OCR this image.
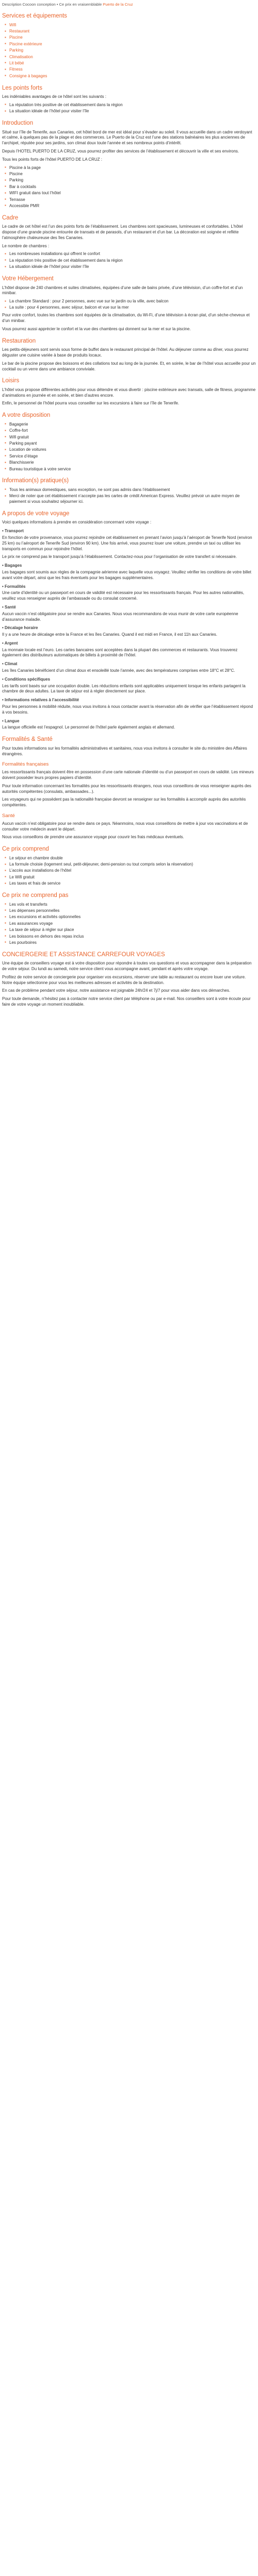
Description Cocoon conception • Ce prix en vraisemblable Puerto de la Cruz
Services et équipements
▪ Wifi
▪ Restaurant
▪ Piscine
▪ Piscine extérieure
▪ Parking
▪ Climatisation
▪ Lit bébé
▪ Fitness
▪ Consigne à bagages
Les points forts

Les indéniables avantages de ce hôtel sont les suivants :

▪ La réputation très positive de cet établissement dans la région
▪ La situation idéale de l’hôtel pour visiter l’île
Introduction

Situé sur l’île de Tenerife, aux Canaries, cet hôtel bord de mer est idéal pour s’évader au soleil. Il vous accueille dans un cadre verdoyant et calme, à quelques pas de la plage et des commerces. Le Puerto de la Cruz est l’une des stations balnéaires les plus anciennes de l’archipel, réputée pour ses jardins, son climat doux toute l’année et ses nombreux points d’intérêt.

Depuis l’HOTEL PUERTO DE LA CRUZ, vous pourrez profiter des services de l’établissement et découvrir la ville et ses environs.

Tous les points forts de l’hôtel PUERTO DE LA CRUZ :

▪ Piscine à la page
▪ Piscine
▪ Parking
▪ Bar à cocktails
▪ WIFI gratuit dans tout l’hôtel
▪ Terrasse
▪ Accessible PMR
Cadre

Le cadre de cet hôtel est l’un des points forts de l’établissement. Les chambres sont spacieuses, lumineuses et confortables. L’hôtel dispose d’une grande piscine entourée de transats et de parasols, d’un restaurant et d’un bar. La décoration est soignée et reflète l’atmosphère chaleureuse des îles Canaries.

Le nombre de chambres :

▪ Les nombreuses installations qui offrent le confort
▪ La réputation très positive de cet établissement dans la région
▪ La situation idéale de l’hôtel pour visiter l’île
Votre Hébergement

L’hôtel dispose de 240 chambres et suites climatisées, équipées d’une salle de bains privée, d’une télévision, d’un coffre-fort et d’un minibar.

▪ La chambre Standard : pour 2 personnes, avec vue sur le jardin ou la ville, avec balcon
▪ La suite : pour 4 personnes, avec séjour, balcon et vue sur la mer

Pour votre confort, toutes les chambres sont équipées de la climatisation, du Wi-Fi, d’une télévision à écran plat, d’un sèche-cheveux et d’un minibar.

Vous pourrez aussi apprécier le confort et la vue des chambres qui donnent sur la mer et sur la piscine.

Restauration

Les petits-déjeuners sont servis sous forme de buffet dans le restaurant principal de l’hôtel. Au déjeuner comme au dîner, vous pourrez déguster une cuisine variée à base de produits locaux.

Le bar de la piscine propose des boissons et des collations tout au long de la journée. Et, en soirée, le bar de l’hôtel vous accueille pour un cocktail ou un verre dans une ambiance conviviale.

Loisirs

L’hôtel vous propose différentes activités pour vous détendre et vous divertir : piscine extérieure avec transats, salle de fitness, programme d’animations en journée et en soirée, et bien d’autres encore.

Enfin, le personnel de l’hôtel pourra vous conseiller sur les excursions à faire sur l’île de Tenerife.

A votre disposition
▪ Bagagerie
▪ Coffre-fort
▪ Wifi gratuit
▪ Parking payant
▪ Location de voitures
▪ Service d’étage
▪ Blanchisserie
▪ Bureau touristique à votre service
Information(s) pratique(s)
▪ Tous les animaux domestiques, sans exception, ne sont pas admis dans l’établissement
▪ Merci de noter que cet établissement n’accepte pas les cartes de crédit American Express. Veuillez prévoir un autre moyen de paiement si vous souhaitez séjourner ici.
A propos de votre voyage

Voici quelques informations à prendre en considération concernant votre voyage :

• Transport

En fonction de votre provenance, vous pourrez rejoindre cet établissement en prenant l’avion jusqu’à l’aéroport de Tenerife Nord (environ 25 km) ou l’aéroport de Tenerife Sud (environ 90 km). Une fois arrivé, vous pourrez louer une voiture, prendre un taxi ou utiliser les transports en commun pour rejoindre l’hôtel.

Le prix ne comprend pas le transport jusqu’à l’établissement. Contactez-nous pour l’organisation de votre transfert si nécessaire.

• Bagages

Les bagages sont soumis aux règles de la compagnie aérienne avec laquelle vous voyagez. Veuillez vérifier les conditions de votre billet avant votre départ, ainsi que les frais éventuels pour les bagages supplémentaires.

• Formalités

Une carte d’identité ou un passeport en cours de validité est nécessaire pour les ressortissants français. Pour les autres nationalités, veuillez vous renseigner auprès de l’ambassade ou du consulat concerné.

• Santé

Aucun vaccin n’est obligatoire pour se rendre aux Canaries. Nous vous recommandons de vous munir de votre carte européenne d’assurance maladie.

• Décalage horaire

Il y a une heure de décalage entre la France et les îles Canaries. Quand il est midi en France, il est 11h aux Canaries.

• Argent

La monnaie locale est l’euro. Les cartes bancaires sont acceptées dans la plupart des commerces et restaurants. Vous trouverez également des distributeurs automatiques de billets à proximité de l’hôtel.

• Climat

Les îles Canaries bénéficient d’un climat doux et ensoleillé toute l’année, avec des températures comprises entre 18°C et 28°C.

• Conditions spécifiques

Les tarifs sont basés sur une occupation double. Les réductions enfants sont applicables uniquement lorsque les enfants partagent la chambre de deux adultes. La taxe de séjour est à régler directement sur place.

• Informations relatives à l’accessibilité

Pour les personnes à mobilité réduite, nous vous invitons à nous contacter avant la réservation afin de vérifier que l’établissement répond à vos besoins.

• Langue

La langue officielle est l’espagnol. Le personnel de l’hôtel parle également anglais et allemand.

Formalités & Santé

Pour toutes informations sur les formalités administratives et sanitaires, nous vous invitons à consulter le site du ministère des Affaires étrangères.

Formalités françaises

Les ressortissants français doivent être en possession d’une carte nationale d’identité ou d’un passeport en cours de validité. Les mineurs doivent posséder leurs propres papiers d’identité.

Pour toute information concernant les formalités pour les ressortissants étrangers, nous vous conseillons de vous renseigner auprès des autorités compétentes (consulats, ambassades...).

Les voyageurs qui ne possèdent pas la nationalité française devront se renseigner sur les formalités à accomplir auprès des autorités compétentes.

Santé

Aucun vaccin n’est obligatoire pour se rendre dans ce pays. Néanmoins, nous vous conseillons de mettre à jour vos vaccinations et de consulter votre médecin avant le départ.

Nous vous conseillons de prendre une assurance voyage pour couvrir les frais médicaux éventuels.

Ce prix comprend
▪ Le séjour en chambre double
▪ La formule choisie (logement seul, petit-déjeuner, demi-pension ou tout compris selon la réservation)
▪ L’accès aux installations de l’hôtel
▪ Le Wifi gratuit
▪ Les taxes et frais de service
Ce prix ne comprend pas
▪ Les vols et transferts
▪ Les dépenses personnelles
▪ Les excursions et activités optionnelles
▪ Les assurances voyage
▪ La taxe de séjour à régler sur place
▪ Les boissons en dehors des repas inclus
▪ Les pourboires
CONCIERGERIE ET ASSISTANCE CARREFOUR VOYAGES

Une équipe de conseillers voyage est à votre disposition pour répondre à toutes vos questions et vous accompagner dans la préparation de votre séjour. Du lundi au samedi, notre service client vous accompagne avant, pendant et après votre voyage.

Profitez de notre service de conciergerie pour organiser vos excursions, réserver une table au restaurant ou encore louer une voiture. Notre équipe sélectionne pour vous les meilleures adresses et activités de la destination.

En cas de problème pendant votre séjour, notre assistance est joignable 24h/24 et 7j/7 pour vous aider dans vos démarches.

Pour toute demande, n’hésitez pas à contacter notre service client par téléphone ou par e-mail. Nos conseillers sont à votre écoute pour faire de votre voyage un moment inoubliable.
